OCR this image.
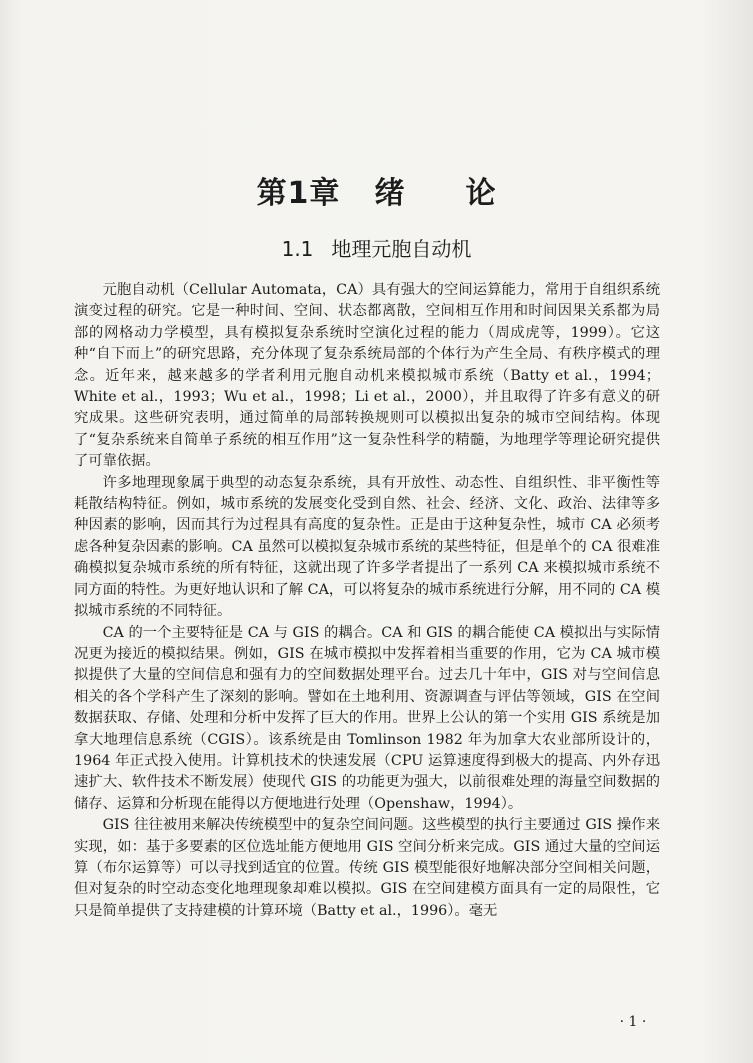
第1章 绪 论
1.1 地理元胞自动机

元胞自动机（Cellular Automata，CA）具有强大的空间运算能力，常用于自组织系统演变过程的研究。它是一种时间、空间、状态都离散，空间相互作用和时间因果关系都为局部的网格动力学模型，具有模拟复杂系统时空演化过程的能力（周成虎等，1999）。它这种“自下而上”的研究思路，充分体现了复杂系统局部的个体行为产生全局、有秩序模式的理念。近年来，越来越多的学者利用元胞自动机来模拟城市系统（Batty et al.，1994；White et al.，1993；Wu et al.，1998；Li et al.，2000），并且取得了许多有意义的研究成果。这些研究表明，通过简单的局部转换规则可以模拟出复杂的城市空间结构。体现了“复杂系统来自简单子系统的相互作用”这一复杂性科学的精髓，为地理学等理论研究提供了可靠依据。

许多地理现象属于典型的动态复杂系统，具有开放性、动态性、自组织性、非平衡性等耗散结构特征。例如，城市系统的发展变化受到自然、社会、经济、文化、政治、法律等多种因素的影响，因而其行为过程具有高度的复杂性。正是由于这种复杂性，城市 CA 必须考虑各种复杂因素的影响。CA 虽然可以模拟复杂城市系统的某些特征，但是单个的 CA 很难准确模拟复杂城市系统的所有特征，这就出现了许多学者提出了一系列 CA 来模拟城市系统不同方面的特性。为更好地认识和了解 CA，可以将复杂的城市系统进行分解，用不同的 CA 模拟城市系统的不同特征。

CA 的一个主要特征是 CA 与 GIS 的耦合。CA 和 GIS 的耦合能使 CA 模拟出与实际情况更为接近的模拟结果。例如，GIS 在城市模拟中发挥着相当重要的作用，它为 CA 城市模拟提供了大量的空间信息和强有力的空间数据处理平台。过去几十年中，GIS 对与空间信息相关的各个学科产生了深刻的影响。譬如在土地利用、资源调查与评估等领域，GIS 在空间数据获取、存储、处理和分析中发挥了巨大的作用。世界上公认的第一个实用 GIS 系统是加拿大地理信息系统（CGIS）。该系统是由 Tomlinson 1982 年为加拿大农业部所设计的，1964 年正式投入使用。计算机技术的快速发展（CPU 运算速度得到极大的提高、内外存迅速扩大、软件技术不断发展）使现代 GIS 的功能更为强大，以前很难处理的海量空间数据的储存、运算和分析现在能得以方便地进行处理（Openshaw，1994）。

GIS 往往被用来解决传统模型中的复杂空间问题。这些模型的执行主要通过 GIS 操作来实现，如：基于多要素的区位选址能方便地用 GIS 空间分析来完成。GIS 通过大量的空间运算（布尔运算等）可以寻找到适宜的位置。传统 GIS 模型能很好地解决部分空间相关问题，但对复杂的时空动态变化地理现象却难以模拟。GIS 在空间建模方面具有一定的局限性，它只是简单提供了支持建模的计算环境（Batty et al.，1996）。毫无

· 1 ·
